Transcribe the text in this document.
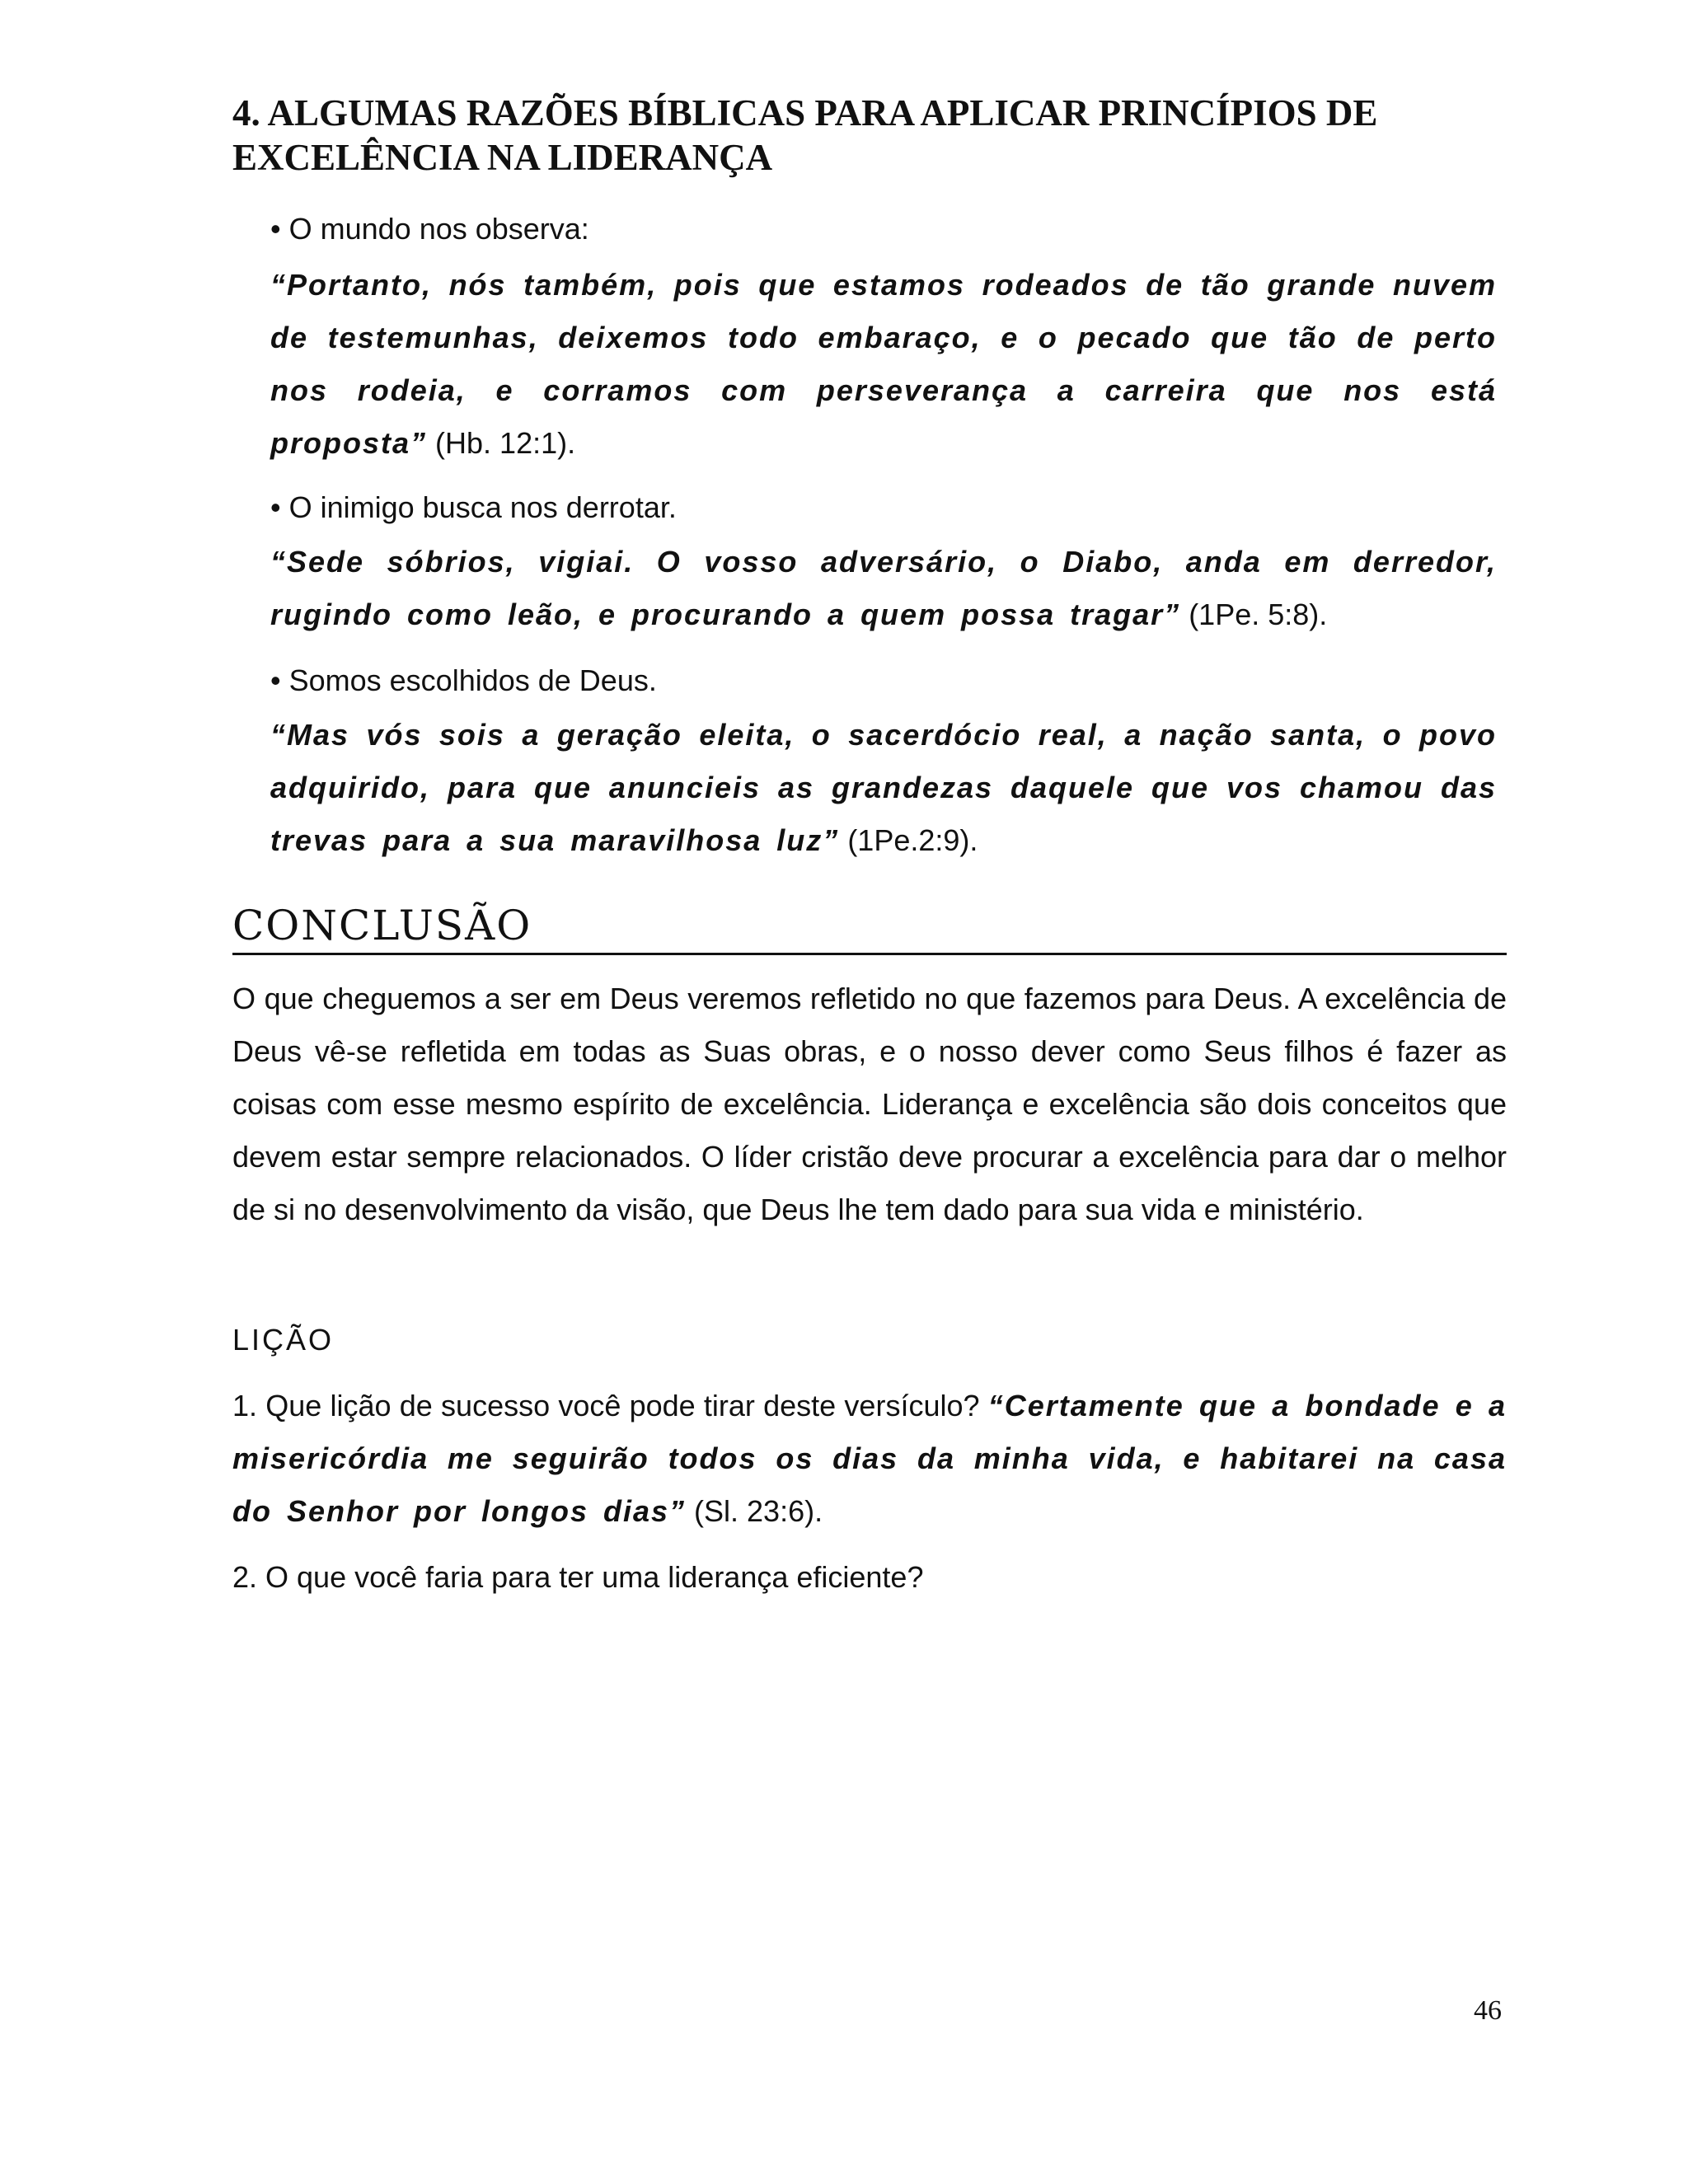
4. ALGUMAS RAZÕES BÍBLICAS PARA APLICAR PRINCÍPIOS DE EXCELÊNCIA NA LIDERANÇA
• O mundo nos observa:
“Portanto, nós também, pois que estamos rodeados de tão grande nuvem de testemunhas, deixemos todo embaraço, e o pecado que tão de perto nos rodeia, e corramos com perseverança a carreira que nos está proposta” (Hb. 12:1).
• O inimigo busca nos derrotar.
“Sede sóbrios, vigiai. O vosso adversário, o Diabo, anda em derredor, rugindo como leão, e procurando a quem possa tragar” (1Pe. 5:8).
• Somos escolhidos de Deus.
“Mas vós sois a geração eleita, o sacerdócio real, a nação santa, o povo adquirido, para que anuncieis as grandezas daquele que vos chamou das trevas para a sua maravilhosa luz” (1Pe.2:9).
CONCLUSÃO
O que cheguemos a ser em Deus veremos refletido no que fazemos para Deus. A excelência de Deus vê-se refletida em todas as Suas obras, e o nosso dever como Seus filhos é fazer as coisas com esse mesmo espírito de excelência. Liderança e excelência são dois conceitos que devem estar sempre relacionados. O líder cristão deve procurar a excelência para dar o melhor de si no desenvolvimento da visão, que Deus lhe tem dado para sua vida e ministério.
LIÇÃO
1. Que lição de sucesso você pode tirar deste versículo? “Certamente que a bondade e a misericórdia me seguirão todos os dias da minha vida, e habitarei na casa do Senhor por longos dias” (Sl. 23:6).
2. O que você faria para ter uma liderança eficiente?
46
